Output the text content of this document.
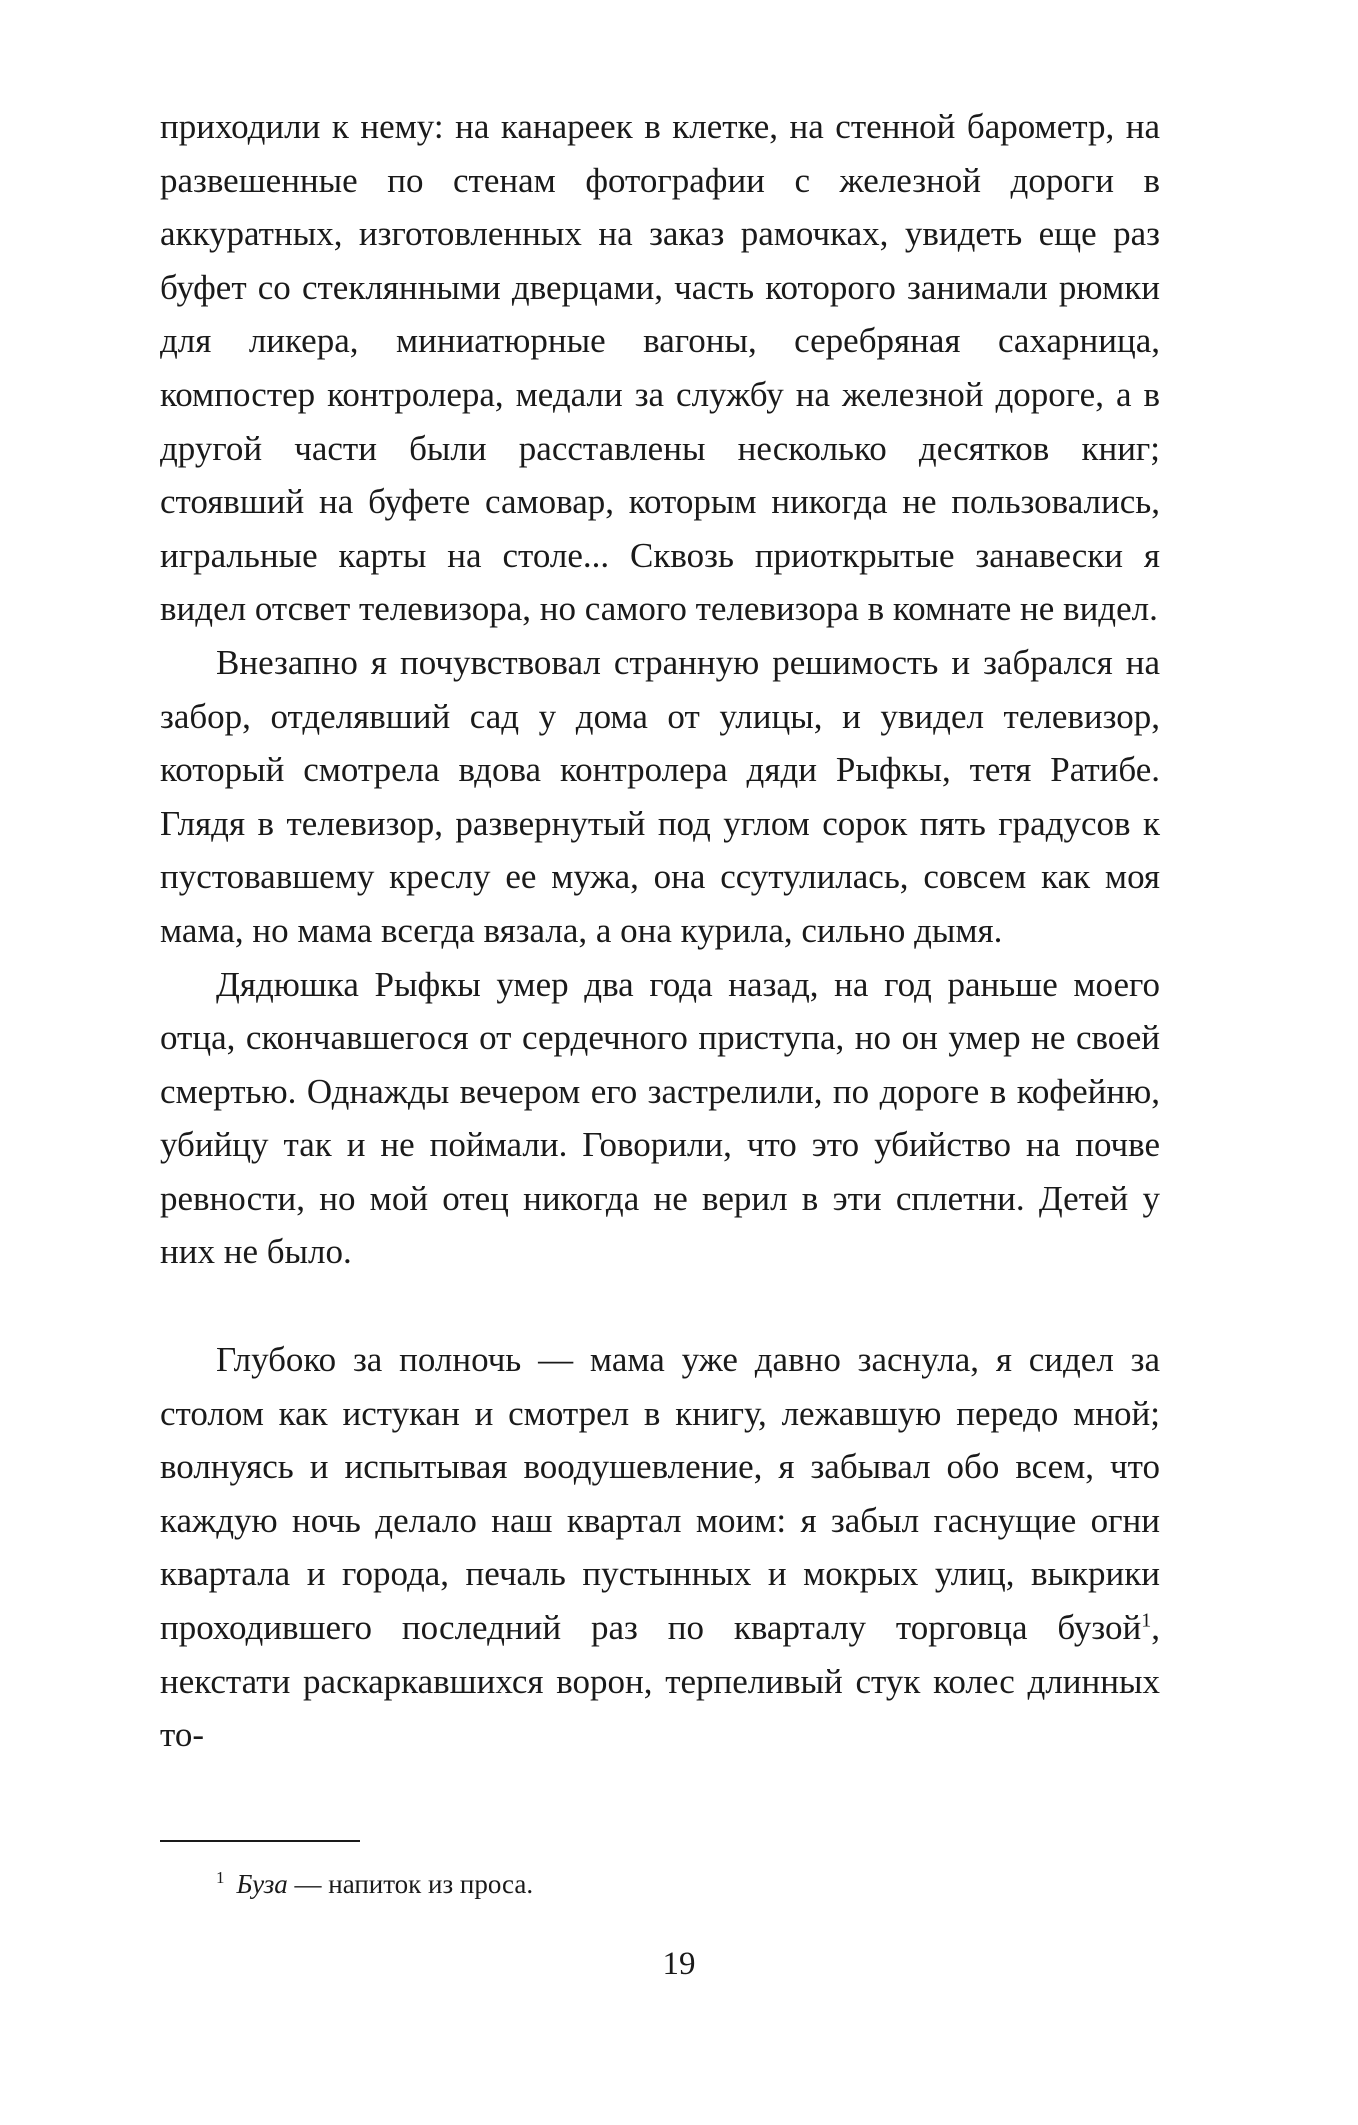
приходили к нему: на канареек в клетке, на стенной барометр, на развешенные по стенам фотографии с железной дороги в аккуратных, изготовленных на заказ рамочках, увидеть еще раз буфет со стеклянными дверцами, часть которого занимали рюмки для ликера, миниатюрные вагоны, серебряная сахарница, компостер контролера, медали за службу на железной дороге, а в другой части были расставлены несколько десятков книг; стоявший на буфете самовар, которым никогда не пользовались, игральные карты на столе... Сквозь приоткрытые занавески я видел отсвет телевизора, но самого телевизора в комнате не видел.

Внезапно я почувствовал странную решимость и забрался на забор, отделявший сад у дома от улицы, и увидел телевизор, который смотрела вдова контролера дяди Рыфкы, тетя Ратибе. Глядя в телевизор, развернутый под углом сорок пять градусов к пустовавшему креслу ее мужа, она ссутулилась, совсем как моя мама, но мама всегда вязала, а она курила, сильно дымя.

Дядюшка Рыфкы умер два года назад, на год раньше моего отца, скончавшегося от сердечного приступа, но он умер не своей смертью. Однажды вечером его застрелили, по дороге в кофейню, убийцу так и не поймали. Говорили, что это убийство на почве ревности, но мой отец никогда не верил в эти сплетни. Детей у них не было.

Глубоко за полночь — мама уже давно заснула, я сидел за столом как истукан и смотрел в книгу, лежавшую передо мной; волнуясь и испытывая воодушевление, я забывал обо всем, что каждую ночь делало наш квартал моим: я забыл гаснущие огни квартала и города, печаль пустынных и мокрых улиц, выкрики проходившего последний раз по кварталу торговца бузой$^1$, некстати раскаркавшихся ворон, терпеливый стук колес длинных то-

$^1$ Буза — напиток из проса.

19
